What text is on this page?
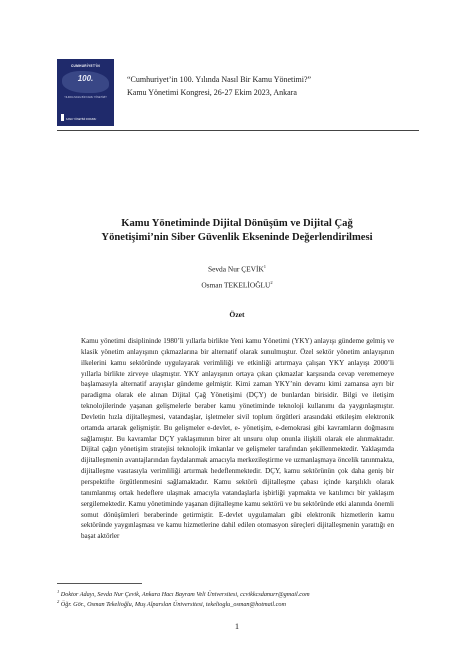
CUMHURİYET'İN
100.
YILINDA NASIL BİR KAMU YÖNETİMİ?
KAMU YÖNETİMİ FORUMU
“Cumhuriyet’in 100. Yılında Nasıl Bir Kamu Yönetimi?”
Kamu Yönetimi Kongresi, 26-27 Ekim 2023, Ankara
Kamu Yönetiminde Dijital Dönüşüm ve Dijital Çağ
Yönetişimi’nin Siber Güvenlik Ekseninde Değerlendirilmesi
Sevda Nur ÇEVİK$^1$
Osman TEKELİOĞLU$^2$
Özet

Kamu yönetimi disiplininde 1980’li yıllarla birlikte Yeni kamu Yönetimi (YKY) anlayışı gündeme gelmiş ve klasik yönetim anlayışının çıkmazlarına bir alternatif olarak sunulmuştur. Özel sektör yönetim anlayışının ilkelerini kamu sektöründe uygulayarak verimliliği ve etkinliği artırmaya çalışan YKY anlayışı 2000’li yıllarla birlikte zirveye ulaşmıştır. YKY anlayışının ortaya çıkan çıkmazlar karşısında cevap verememeye başlamasıyla alternatif arayışlar gündeme gelmiştir. Kimi zaman YKY’nin devamı kimi zamansa ayrı bir paradigma olarak ele alınan Dijital Çağ Yönetişimi (DÇY) de bunlardan birisidir. Bilgi ve iletişim teknolojilerinde yaşanan gelişmelerle beraber kamu yönetiminde teknoloji kullanımı da yaygınlaşmıştır. Devletin hızla dijitalleşmesi, vatandaşlar, işletmeler sivil toplum örgütleri arasındaki etkileşim elektronik ortamda artarak gelişmiştir. Bu gelişmeler e-devlet, e- yönetişim, e-demokrasi gibi kavramların doğmasını sağlamıştır. Bu kavramlar DÇY yaklaşımının birer alt unsuru olup onunla ilişkili olarak ele alınmaktadır. Dijital çağın yönetişim stratejisi teknolojik imkanlar ve gelişmeler tarafından şekillenmektedir. Yaklaşımda dijitalleşmenin avantajlarından faydalanmak amacıyla merkezileştirme ve uzmanlaşmaya öncelik tanınmakta, dijitalleşme vasıtasıyla verimliliği artırmak hedeflenmektedir. DÇY, kamu sektörünün çok daha geniş bir perspektifte örgütlenmesini sağlamaktadır. Kamu sektörü dijitalleşme çabası içinde karşılıklı olarak tanımlanmış ortak hedeflere ulaşmak amacıyla vatandaşlarla işbirliği yapmakta ve katılımcı bir yaklaşım sergilemektedir. Kamu yönetiminde yaşanan dijitalleşme kamu sektörü ve bu sektöründe etki alanında önemli somut dönüşümleri beraberinde getirmiştir. E-devlet uygulamaları gibi elektronik hizmetlerin kamu sektöründe yaygınlaşması ve kamu hizmetlerine dahil edilen otomasyon süreçleri dijitalleşmenin yarattığı en başat aktörler

$^1$ Doktor Adayı, Sevda Nur Çevik, Ankara Hacı Bayram Veli Üniversitesi, ccvikkcsdanurr@gmail.com
$^2$ Öğr. Gör., Osman Tekelioğlu, Muş Alparslan Üniversitesi, tekelioglu_osman@hotmail.com
1
